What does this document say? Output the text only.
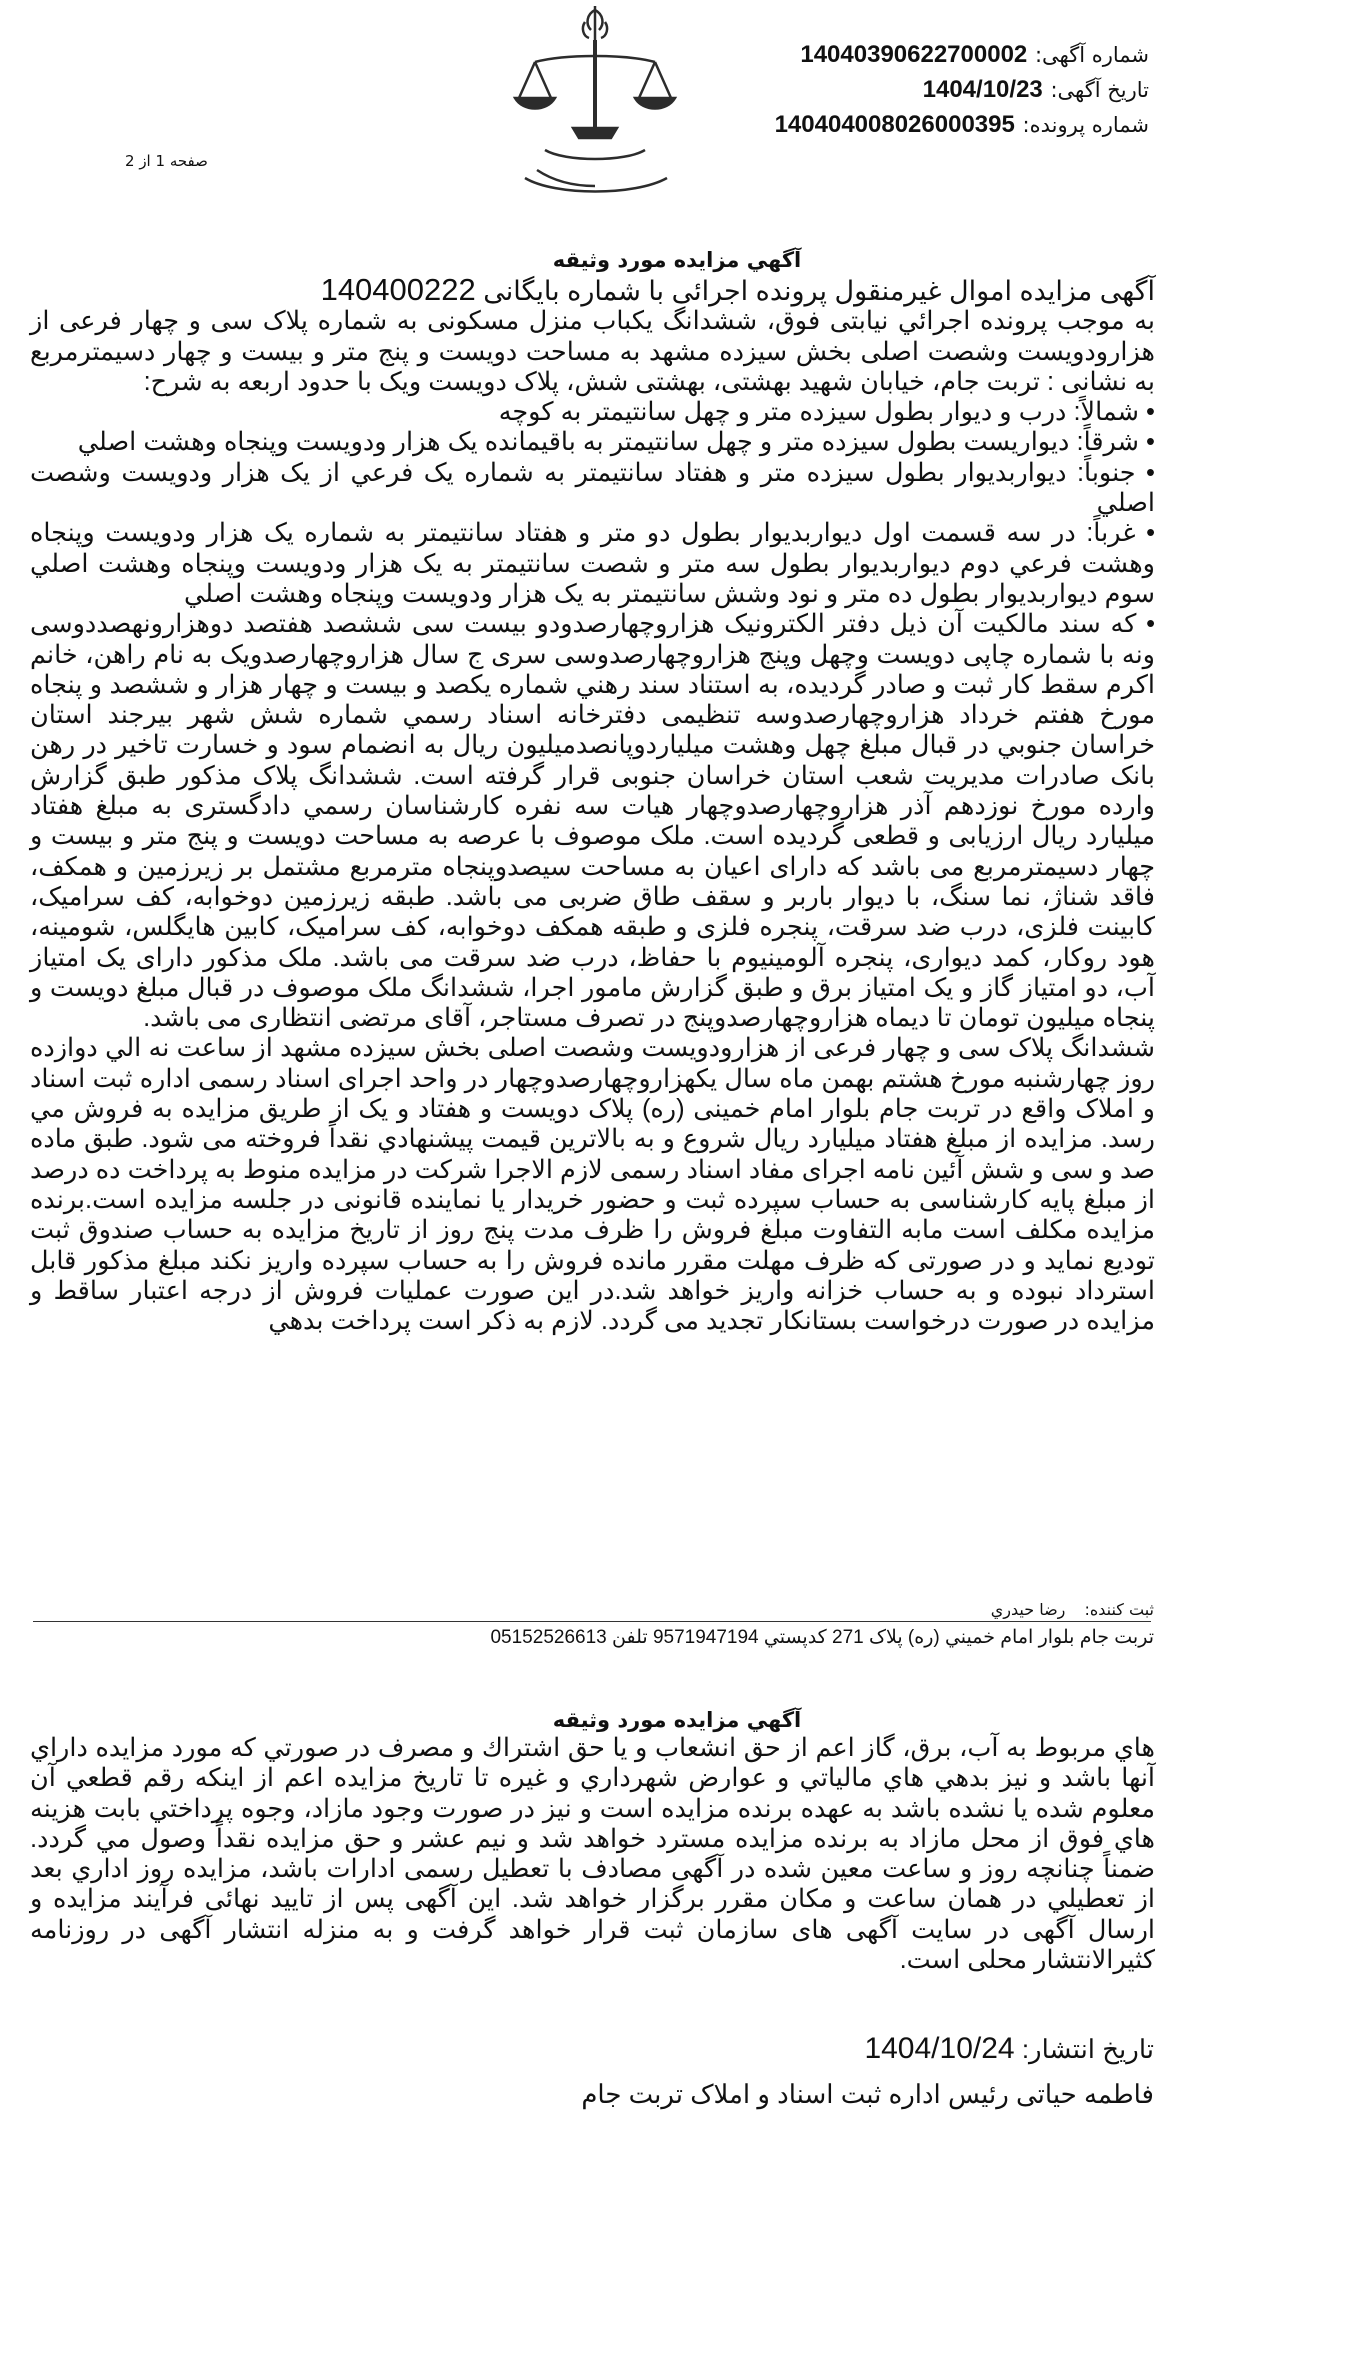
شماره آگهی: 14040390622700002
تاریخ آگهی: 1404/10/23
شماره پرونده: 140404008026000395
صفحه 1 از 2
آگهي مزايده مورد وثيقه

آگهی مزایده اموال غیرمنقول پرونده اجرائی با شماره بایگانی 140400222

به موجب پرونده اجرائي نيابتی فوق، ششدانگ یکباب منزل مسکونی به شماره پلاک سی و چهار فرعی از هزارودویست وشصت اصلی بخش سیزده مشهد به مساحت دویست و پنج متر و بیست و چهار دسیمترمربع به نشانی : تربت جام، خیابان شهید بهشتی، بهشتی شش، پلاک دویست ویک با حدود اربعه به شرح:

• شمالاً: درب و دیوار بطول سیزده متر و چهل سانتیمتر به کوچه

• شرقاً: دیواریست بطول سیزده متر و چهل سانتیمتر به باقیمانده یک هزار ودویست وپنجاه وهشت اصلي

• جنوباً: دیواربدیوار بطول سیزده متر و هفتاد سانتیمتر به شماره یک فرعي از یک هزار ودویست وشصت اصلي

• غرباً: در سه قسمت اول دیواربدیوار بطول دو متر و هفتاد سانتیمتر به شماره یک هزار ودویست وپنجاه وهشت فرعي دوم دیواربدیوار بطول سه متر و شصت سانتیمتر به یک هزار ودویست وپنجاه وهشت اصلي سوم دیواربدیوار بطول ده متر و نود وشش سانتیمتر به یک هزار ودویست وپنجاه وهشت اصلي

• که سند مالکیت آن ذیل دفتر الکترونیک هزاروچهارصدودو بیست سی ششصد هفتصد دوهزارونهصددوسی ونه با شماره چاپی دویست وچهل وپنج هزاروچهارصدوسی سری ج سال هزاروچهارصدویک به نام راهن، خانم اکرم سقط کار ثبت و صادر گردیده، به استناد سند رهني شماره یکصد و بیست و چهار هزار و ششصد و پنجاه مورخ هفتم خرداد هزاروچهارصدوسه تنظیمی دفترخانه اسناد رسمي شماره شش شهر بیرجند استان خراسان جنوبي در قبال مبلغ چهل وهشت میلیاردوپانصدمیلیون ریال به انضمام سود و خسارت تاخیر در رهن بانک صادرات مدیریت شعب استان خراسان جنوبی قرار گرفته است. ششدانگ پلاک مذکور طبق گزارش وارده مورخ نوزدهم آذر هزاروچهارصدوچهار هیات سه نفره کارشناسان رسمي دادگستری به مبلغ هفتاد میلیارد ریال ارزیابی و قطعی گردیده است. ملک موصوف با عرصه به مساحت دویست و پنج متر و بیست و چهار دسیمترمربع می باشد که دارای اعیان به مساحت سیصدوپنجاه مترمربع مشتمل بر زیرزمین و همکف، فاقد شناژ، نما سنگ، با دیوار باربر و سقف طاق ضربی می باشد. طبقه زیرزمین دوخوابه، کف سرامیک، کابینت فلزی، درب ضد سرقت، پنجره فلزی و طبقه همکف دوخوابه، کف سرامیک، کابین هایگلس، شومینه، هود روکار، کمد دیواری، پنجره آلومینیوم با حفاظ، درب ضد سرقت می باشد. ملک مذکور دارای یک امتیاز آب، دو امتیاز گاز و یک امتیاز برق و طبق گزارش مامور اجرا، ششدانگ ملک موصوف در قبال مبلغ دویست و پنجاه میلیون تومان تا دیماه هزاروچهارصدوپنج در تصرف مستاجر، آقای مرتضی انتظاری می باشد.

ششدانگ پلاک سی و چهار فرعی از هزارودویست وشصت اصلی بخش سیزده مشهد از ساعت نه الي دوازده روز چهارشنبه مورخ هشتم بهمن ماه سال یکهزاروچهارصدوچهار در واحد اجرای اسناد رسمی اداره ثبت اسناد و املاک واقع در تربت جام بلوار امام خمینی (ره) پلاک دویست و هفتاد و یک از طریق مزایده به فروش مي رسد. مزایده از مبلغ هفتاد میلیارد ریال شروع و به بالاترین قیمت پیشنهادي نقداً فروخته می شود. طبق ماده صد و سی و شش آئین نامه اجرای مفاد اسناد رسمی لازم الاجرا شرکت در مزایده منوط به پرداخت ده درصد از مبلغ پایه کارشناسی به حساب سپرده ثبت و حضور خریدار یا نماینده قانونی در جلسه مزایده است.برنده مزایده مکلف است مابه التفاوت مبلغ فروش را ظرف مدت پنج روز از تاریخ مزایده به حساب صندوق ثبت تودیع نماید و در صورتی که ظرف مهلت مقرر مانده فروش را به حساب سپرده واریز نکند مبلغ مذکور قابل استرداد نبوده و به حساب خزانه واریز خواهد شد.در این صورت عملیات فروش از درجه اعتبار ساقط و مزایده در صورت درخواست بستانکار تجدید می گردد. لازم به ذکر است پرداخت بدهي

ثبت کننده: رضا حیدري
تربت جام بلوار امام خميني (ره) پلاک 271 کدپستي 9571947194 تلفن 05152526613
آگهي مزايده مورد وثيقه

هاي مربوط به آب، برق، گاز اعم از حق انشعاب و یا حق اشتراك و مصرف در صورتي كه مورد مزايده داراي آنها باشد و نيز بدهي هاي مالياتي و عوارض شهرداري و غيره تا تاريخ مزايده اعم از اينكه رقم قطعي آن معلوم شده يا نشده باشد به عهده برنده مزايده است و نيز در صورت وجود مازاد، وجوه پرداختي بابت هزينه هاي فوق از محل مازاد به برنده مزايده مسترد خواهد شد و نيم عشر و حق مزايده نقداً وصول مي گردد. ضمناً چنانچه روز و ساعت معین شده در آگهی مصادف با تعطیل رسمی ادارات باشد، مزایده روز اداري بعد از تعطيلي در همان ساعت و مكان مقرر برگزار خواهد شد. اين آگهی پس از تایید نهائی فرآیند مزایده و ارسال آگهی در سایت آگهی های سازمان ثبت قرار خواهد گرفت و به منزله انتشار آگهی در روزنامه کثیرالانتشار محلی است.

تاریخ انتشار: 1404/10/24
فاطمه حیاتی رئیس اداره ثبت اسناد و املاک تربت جام
